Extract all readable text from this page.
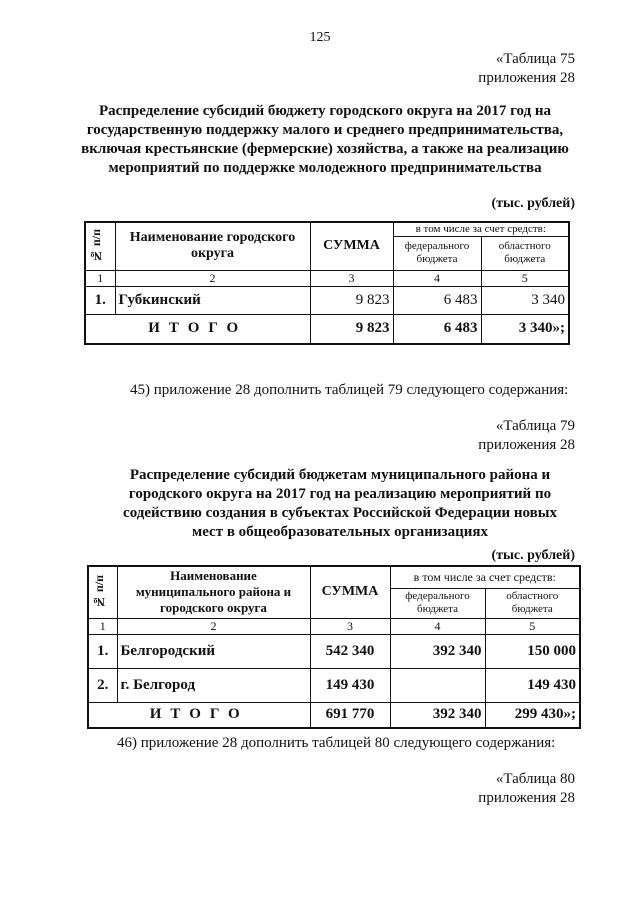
125
«Таблица 75
приложения 28
Распределение субсидий бюджету городского округа на 2017 год на государственную поддержку малого и среднего предпринимательства, включая крестьянские (фермерские) хозяйства, а также на реализацию мероприятий по поддержке молодежного предпринимательства
(тыс. рублей)
№ п/п	Наименование городского округа	СУММА	в том числе за счет средств:	
			федерального бюджета	областного бюджета
1	2	3	4	5
1.	Губкинский	9 823	6 483	3 340
ИТОГО		9 823	6 483	3 340»;
45) приложение 28 дополнить таблицей 79 следующего содержания:
«Таблица 79
приложения 28
Распределение субсидий бюджетам муниципального района и городского округа на 2017 год на реализацию мероприятий по содействию создания в субъектах Российской Федерации новых мест в общеобразовательных организациях
(тыс. рублей)
№ п/п	Наименование муниципального района и городского округа	СУММА	в том числе за счет средств:	
			федерального бюджета	областного бюджета
1	2	3	4	5
1.	Белгородский	542 340	392 340	150 000
2.	г. Белгород	149 430		149 430
ИТОГО		691 770	392 340	299 430»;
46) приложение 28 дополнить таблицей 80 следующего содержания:
«Таблица 80
приложения 28
